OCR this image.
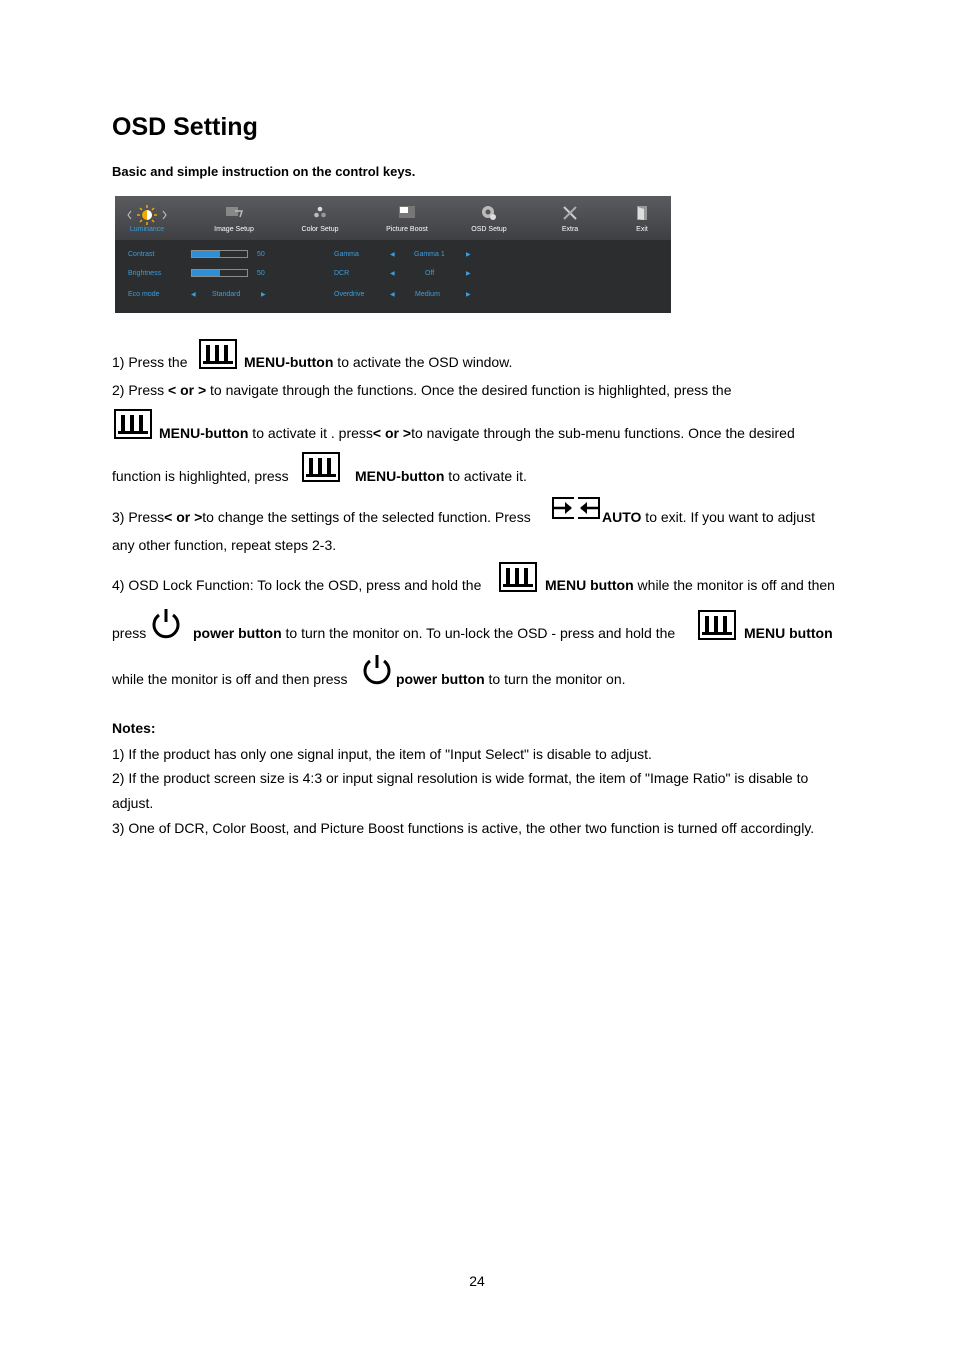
OSD Setting
Basic and simple instruction on the control keys.
Luminance	Image Setup	Color Setup	Picture Boost	OSD Setup	Extra	Exit
Contrast	50
Brightness	50
Eco mode	◀ Standard	▶
Gamma	◀	Gamma 1	▶
DCR	◀	Off	▶
Overdrive	◀	Medium	▶
1) Press the	MENU-button to activate the OSD window.
2) Press < or > to navigate through the functions. Once the desired function is highlighted, press the
MENU-button to activate it . press< or >to navigate through the sub-menu functions. Once the desired
function is highlighted, press	MENU-button to activate it.
3) Press< or >to change the settings of the selected function. Press	AUTO to exit. If you want to adjust
any other function, repeat steps 2-3.
4) OSD Lock Function: To lock the OSD, press and hold the	MENU button while the monitor is off and then
press	power button to turn the monitor on. To un-lock the OSD - press and hold the	MENU button
while the monitor is off and then press	power button to turn the monitor on.
Notes:
1) If the product has only one signal input, the item of "Input Select" is disable to adjust.
2) If the product screen size is 4:3 or input signal resolution is wide format, the item of "Image Ratio" is disable to
adjust.
3) One of DCR, Color Boost, and Picture Boost functions is active, the other two function is turned off accordingly.
24
